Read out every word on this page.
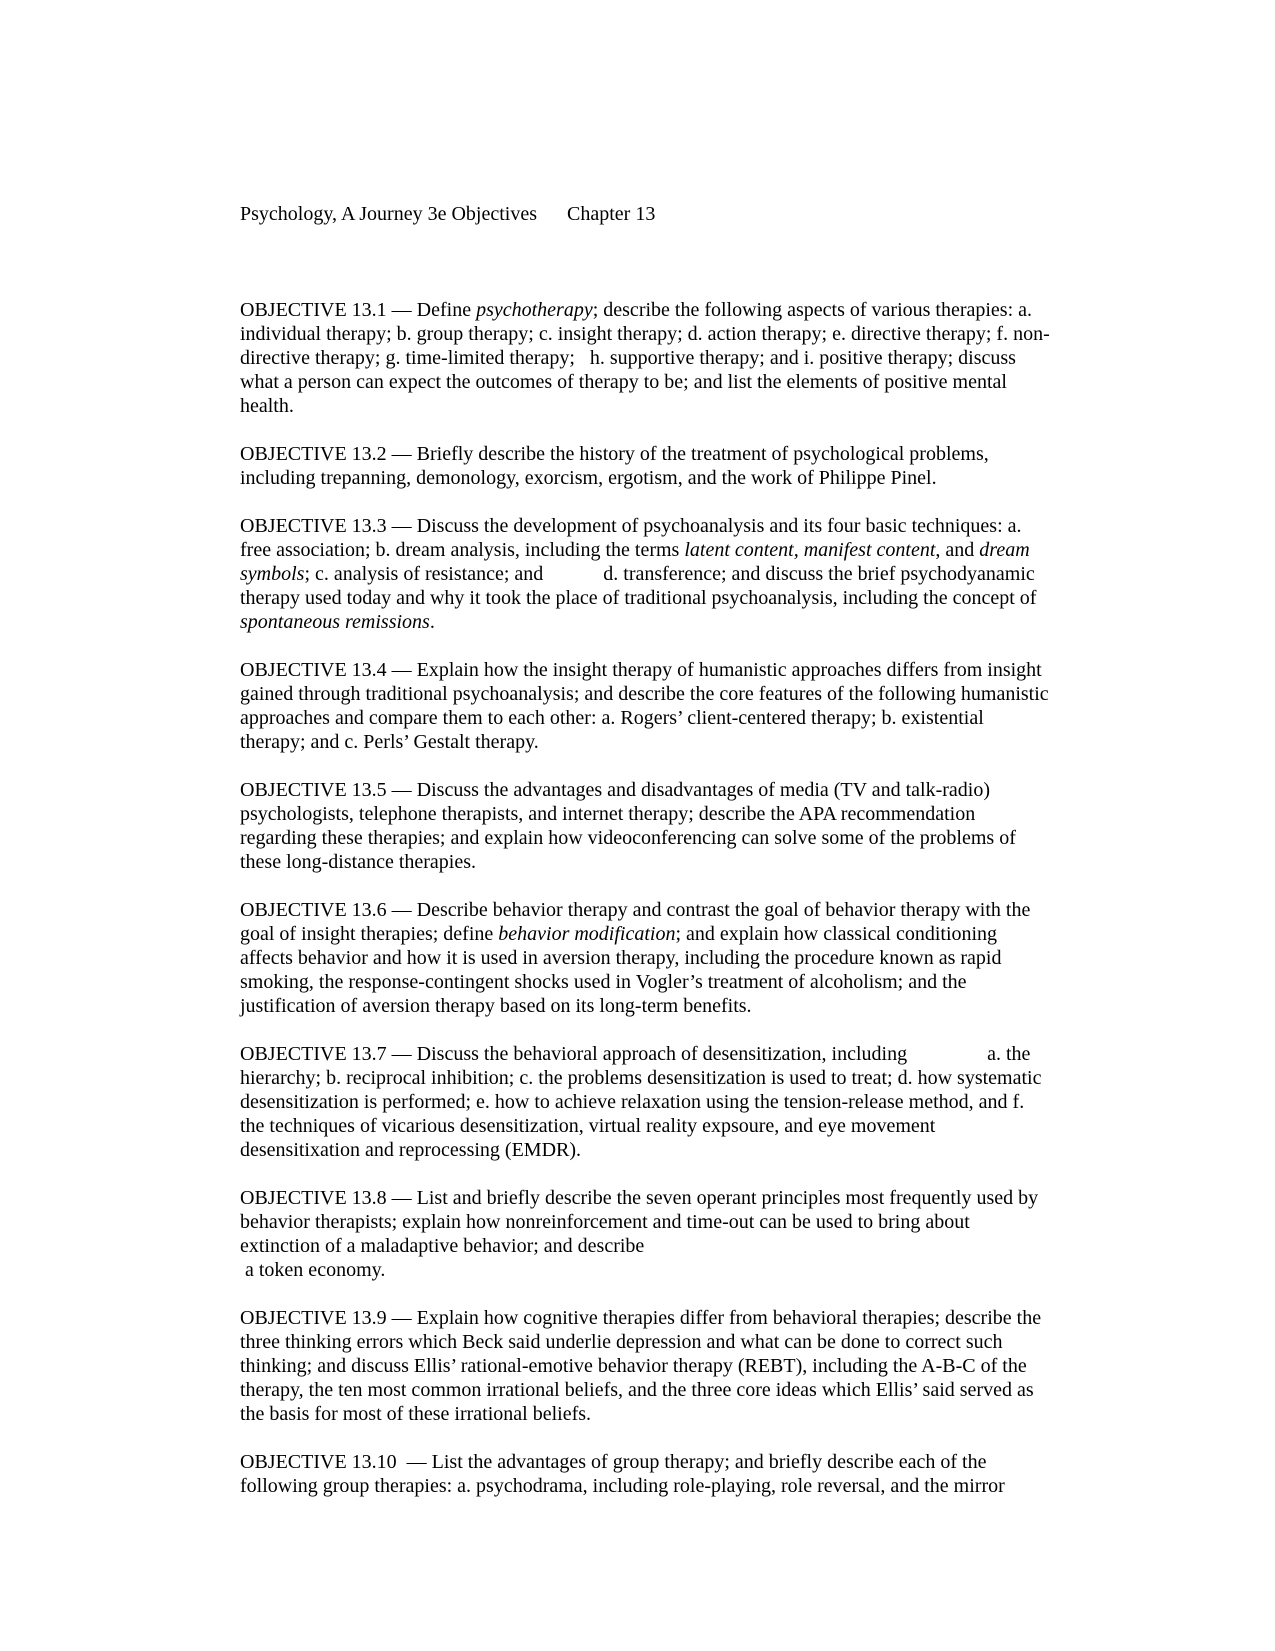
Psychology, A Journey 3e Objectives Chapter 13
OBJECTIVE 13.1 — Define psychotherapy; describe the following aspects of various therapies: a.
individual therapy; b. group therapy; c. insight therapy; d. action therapy; e. directive therapy; f. non-
directive therapy; g. time-limited therapy;   h. supportive therapy; and i. positive therapy; discuss
what a person can expect the outcomes of therapy to be; and list the elements of positive mental
health.
OBJECTIVE 13.2 — Briefly describe the history of the treatment of psychological problems,
including trepanning, demonology, exorcism, ergotism, and the work of Philippe Pinel.
OBJECTIVE 13.3 — Discuss the development of psychoanalysis and its four basic techniques: a.
free association; b. dream analysis, including the terms latent content, manifest content, and dream
symbols; c. analysis of resistance; and            d. transference; and discuss the brief psychodyanamic
therapy used today and why it took the place of traditional psychoanalysis, including the concept of
spontaneous remissions.
OBJECTIVE 13.4 — Explain how the insight therapy of humanistic approaches differs from insight
gained through traditional psychoanalysis; and describe the core features of the following humanistic
approaches and compare them to each other: a. Rogers’ client-centered therapy; b. existential
therapy; and c. Perls’ Gestalt therapy.
OBJECTIVE 13.5 — Discuss the advantages and disadvantages of media (TV and talk-radio)
psychologists, telephone therapists, and internet therapy; describe the APA recommendation
regarding these therapies; and explain how videoconferencing can solve some of the problems of
these long-distance therapies.
OBJECTIVE 13.6 — Describe behavior therapy and contrast the goal of behavior therapy with the
goal of insight therapies; define behavior modification; and explain how classical conditioning
affects behavior and how it is used in aversion therapy, including the procedure known as rapid
smoking, the response-contingent shocks used in Vogler’s treatment of alcoholism; and the
justification of aversion therapy based on its long-term benefits.
OBJECTIVE 13.7 — Discuss the behavioral approach of desensitization, including                a. the
hierarchy; b. reciprocal inhibition; c. the problems desensitization is used to treat; d. how systematic
desensitization is performed; e. how to achieve relaxation using the tension-release method, and f.
the techniques of vicarious desensitization, virtual reality expsoure, and eye movement
desensitixation and reprocessing (EMDR).
OBJECTIVE 13.8 — List and briefly describe the seven operant principles most frequently used by
behavior therapists; explain how nonreinforcement and time-out can be used to bring about
extinction of a maladaptive behavior; and describe
a token economy.
OBJECTIVE 13.9 — Explain how cognitive therapies differ from behavioral therapies; describe the
three thinking errors which Beck said underlie depression and what can be done to correct such
thinking; and discuss Ellis’ rational-emotive behavior therapy (REBT), including the A-B-C of the
therapy, the ten most common irrational beliefs, and the three core ideas which Ellis’ said served as
the basis for most of these irrational beliefs.
OBJECTIVE 13.10  — List the advantages of group therapy; and briefly describe each of the
following group therapies: a. psychodrama, including role-playing, role reversal, and the mirror
